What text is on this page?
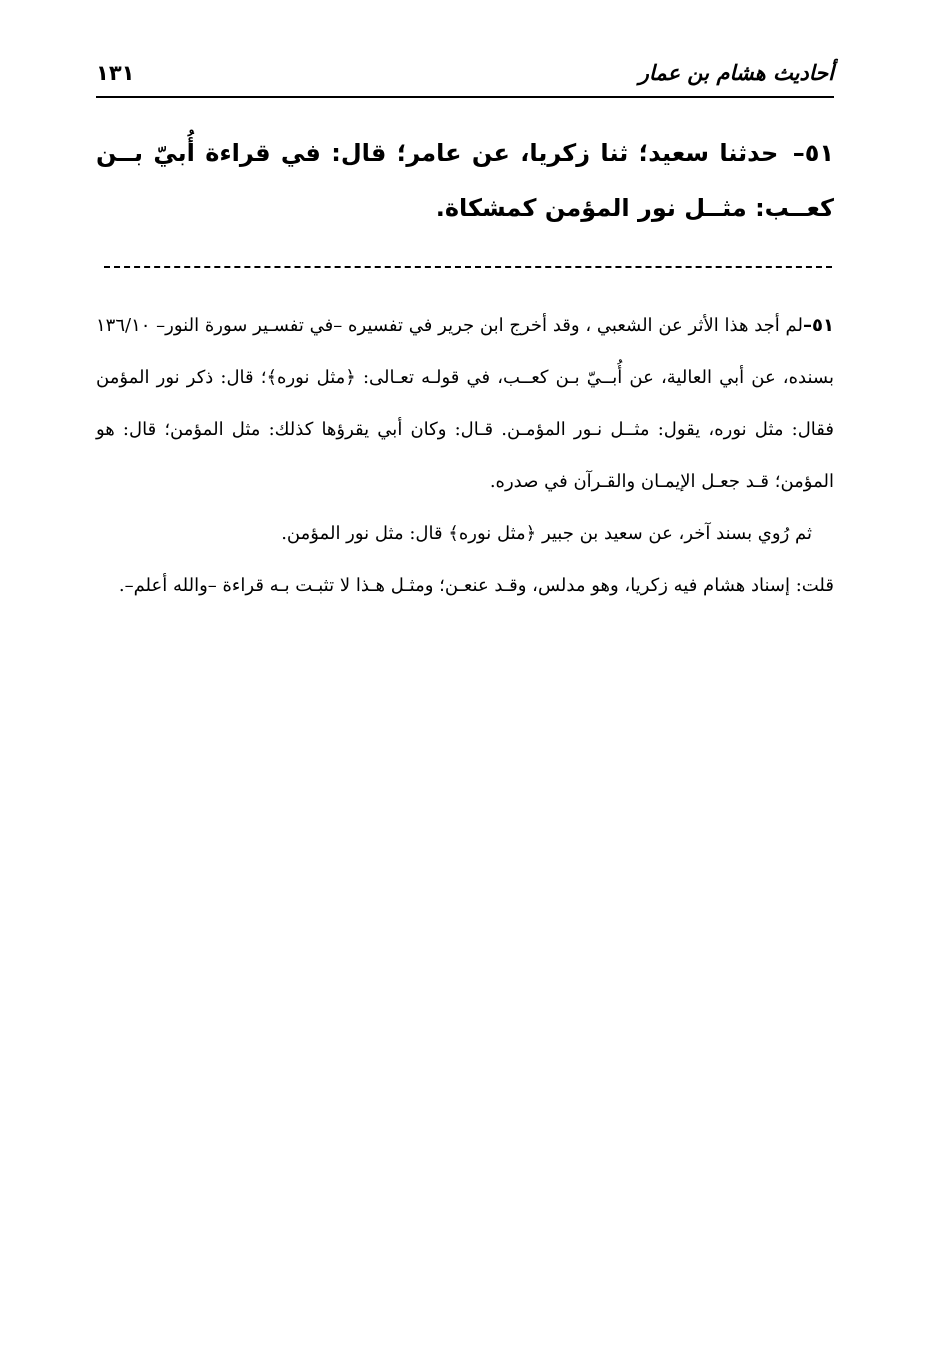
أحاديث هشام بن عمار
١٣١
٥١– حدثنا سعيد؛ ثنا زكريا، عن عامر؛ قال: في قراءة أُبيّ بــن كعــب: مثــل نور المؤمن كمشكاة.

٥١–لم أجد هذا الأثر عن الشعبي ، وقد أخرج ابن جرير في تفسيره –في تفسـير سورة النور– ١٣٦/١٠ بسنده، عن أبي العالية، عن أُبــيّ بـن كعــب، في قولـه تعـالى: ﴿مثل نوره﴾؛ قال: ذكر نور المؤمن فقال: مثل نوره، يقول: مثــل نـور المؤمـن. قـال: وكان أبي يقرؤها كذلك: مثل المؤمن؛ قال: هو المؤمن؛ قـد جعـل الإيمـان والقـرآن في صدره.

ثم رُوي بسند آخر، عن سعيد بن جبير ﴿مثل نوره﴾ قال: مثل نور المؤمن.

قلت: إسناد هشام فيه زكريا، وهو مدلس، وقـد عنعـن؛ ومثـل هـذا لا تثبـت بـه قراءة –والله أعلم–.
